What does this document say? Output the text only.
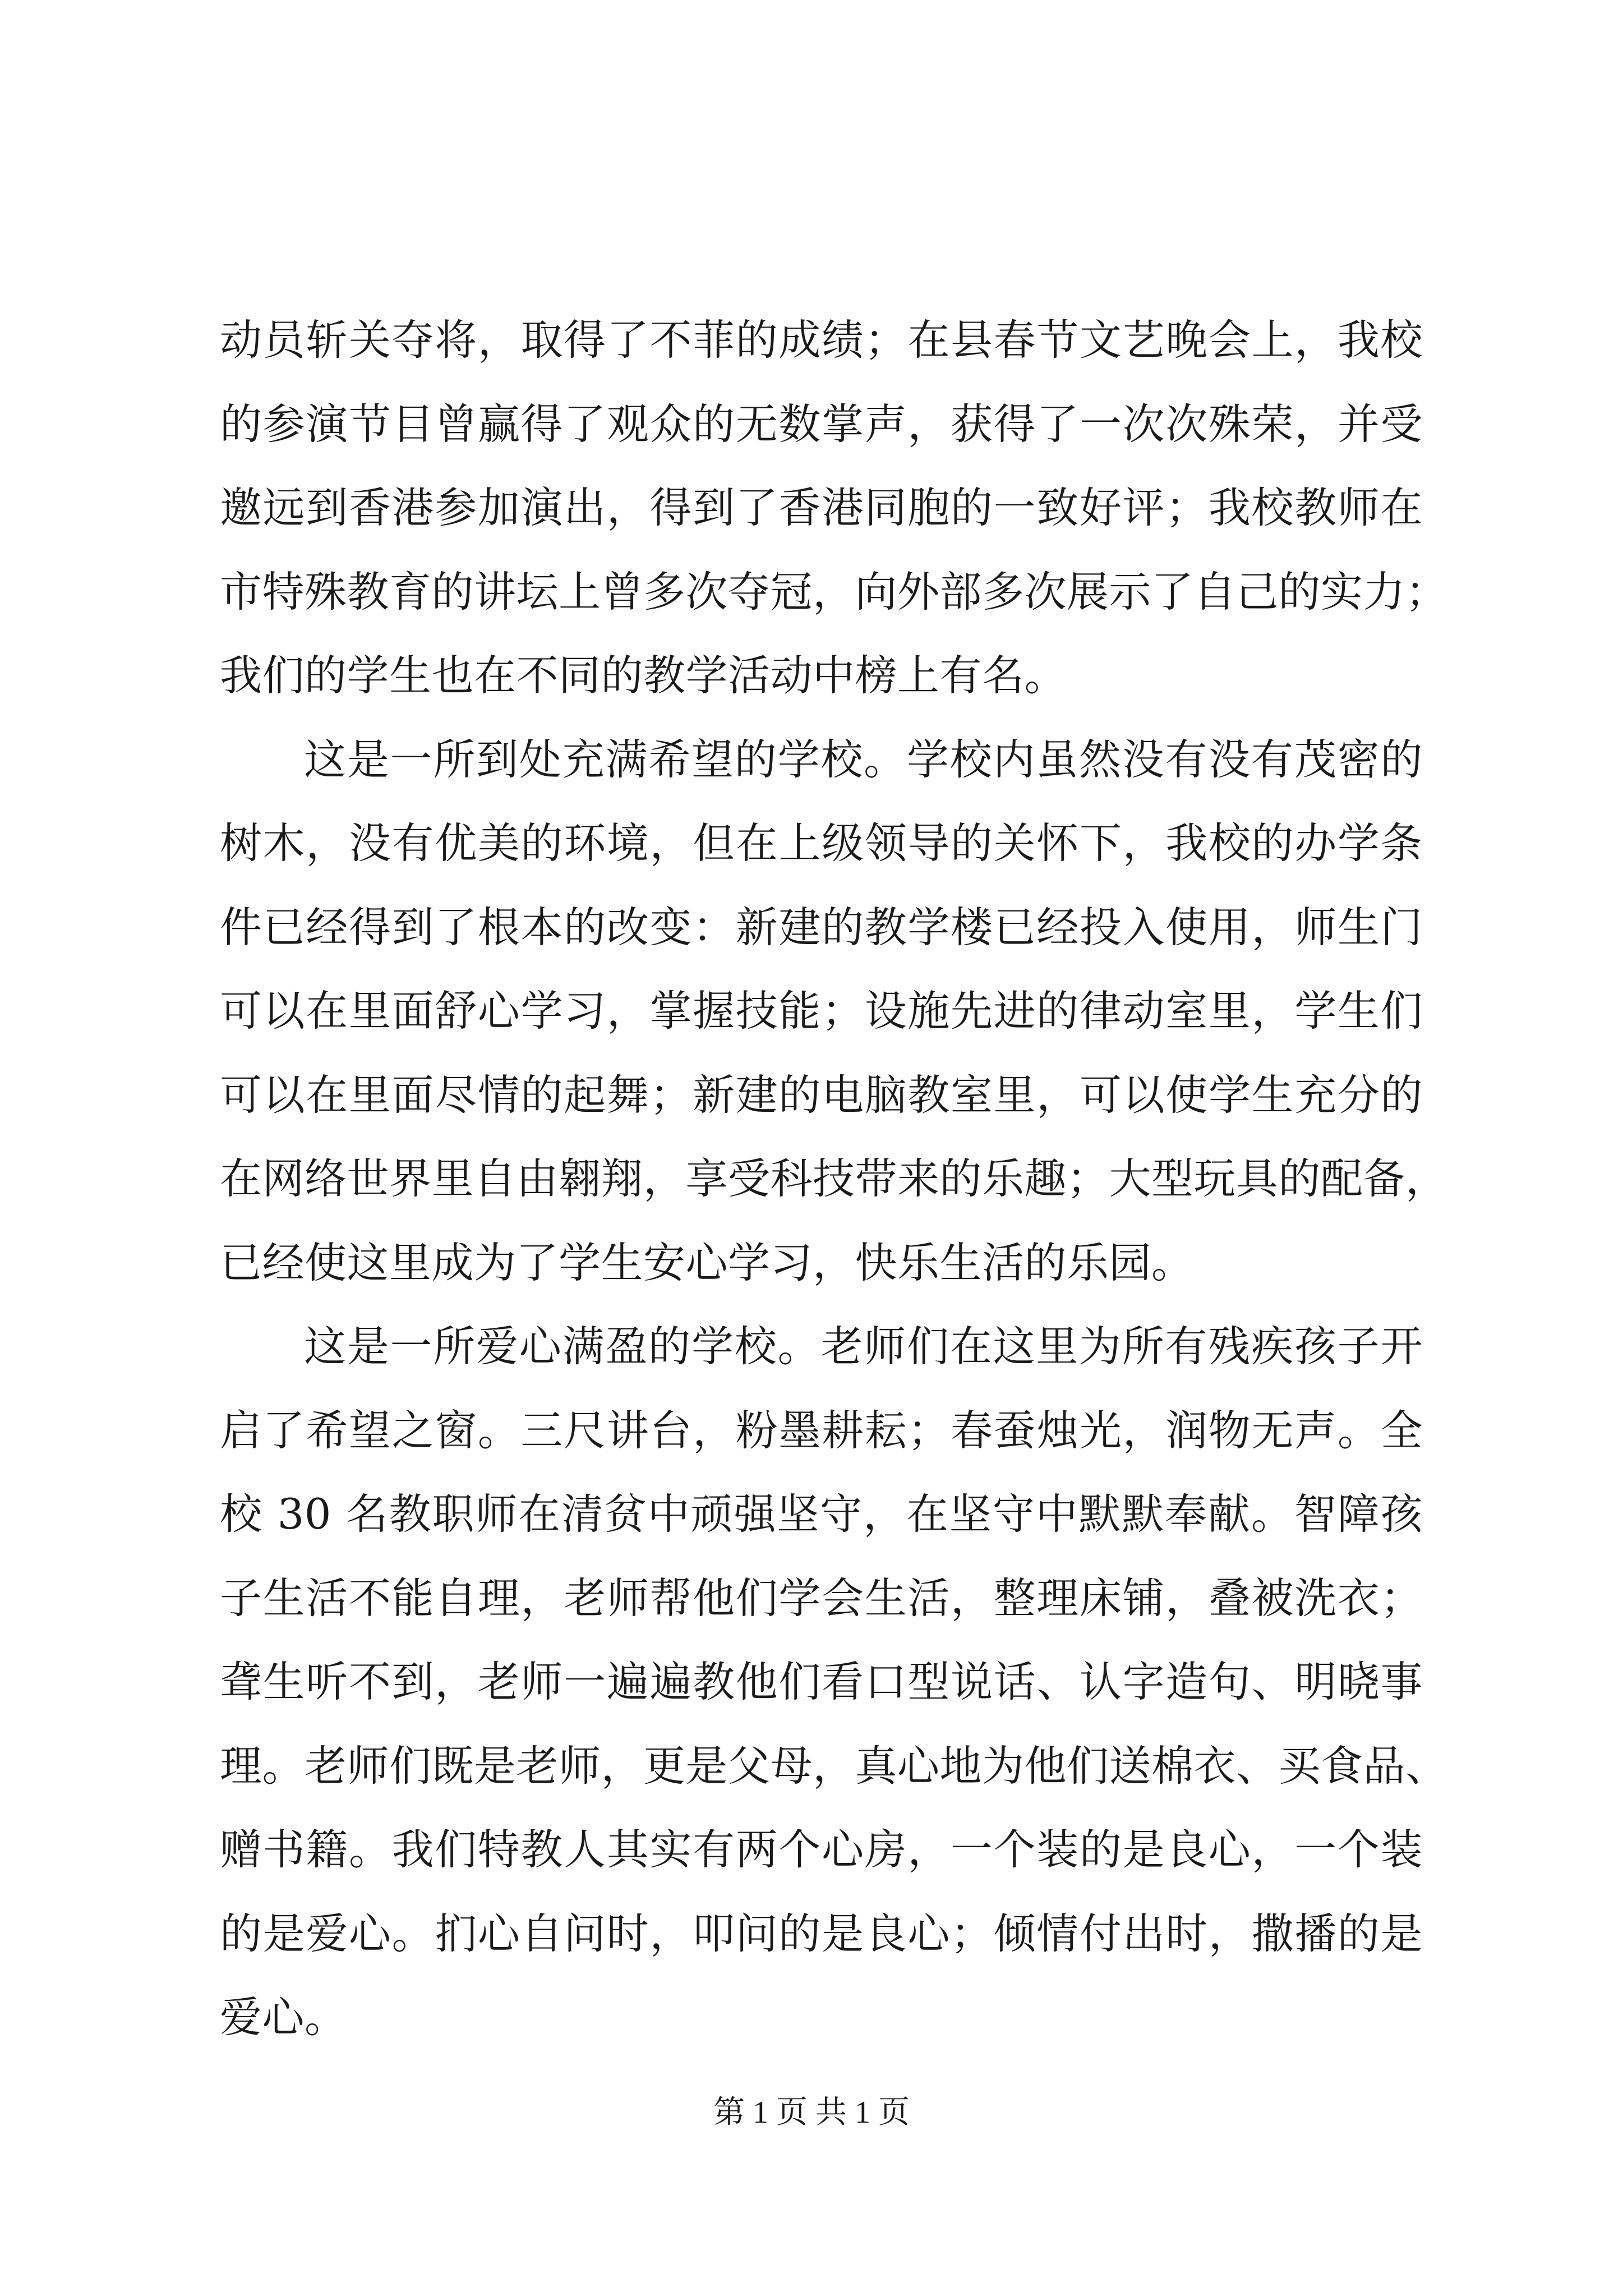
动员斩关夺将，取得了不菲的成绩；在县春节文艺晚会上，我校
的参演节目曾赢得了观众的无数掌声，获得了一次次殊荣，并受
邀远到香港参加演出，得到了香港同胞的一致好评；我校教师在
市特殊教育的讲坛上曾多次夺冠，向外部多次展示了自己的实力；
我们的学生也在不同的教学活动中榜上有名。
这是一所到处充满希望的学校。学校内虽然没有没有茂密的
树木，没有优美的环境，但在上级领导的关怀下，我校的办学条
件已经得到了根本的改变：新建的教学楼已经投入使用，师生门
可以在里面舒心学习，掌握技能；设施先进的律动室里，学生们
可以在里面尽情的起舞；新建的电脑教室里，可以使学生充分的
在网络世界里自由翱翔，享受科技带来的乐趣；大型玩具的配备，
已经使这里成为了学生安心学习，快乐生活的乐园。
这是一所爱心满盈的学校。老师们在这里为所有残疾孩子开
启了希望之窗。三尺讲台，粉墨耕耘；春蚕烛光，润物无声。全
校 30 名教职师在清贫中顽强坚守，在坚守中默默奉献。智障孩
子生活不能自理，老师帮他们学会生活，整理床铺，叠被洗衣；
聋生听不到，老师一遍遍教他们看口型说话、认字造句、明晓事
理。老师们既是老师，更是父母，真心地为他们送棉衣、买食品、
赠书籍。我们特教人其实有两个心房，一个装的是良心，一个装
的是爱心。扪心自问时，叩问的是良心；倾情付出时，撒播的是
爱心。
第 1 页 共 1 页
